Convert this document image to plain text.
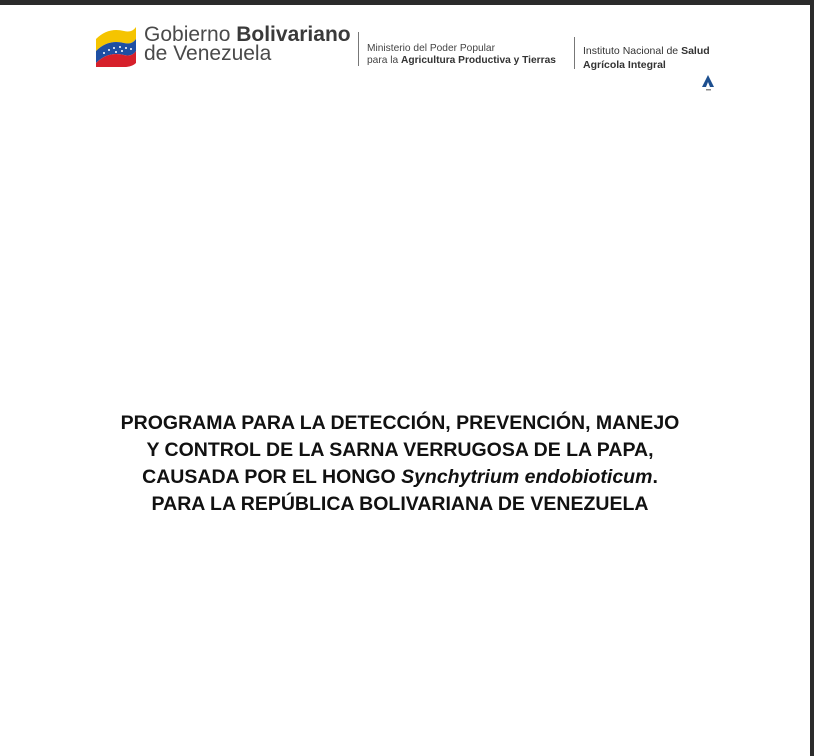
Gobierno Bolivariano
de Venezuela	Ministerio del Poder Popular
para la Agricultura Productiva y Tierras
Instituto Nacional de Salud
Agrícola Integral
PROGRAMA PARA LA DETECCIÓN, PREVENCIÓN, MANEJO
Y CONTROL DE LA SARNA VERRUGOSA DE LA PAPA,
CAUSADA POR EL HONGO Synchytrium endobioticum.
PARA LA REPÚBLICA BOLIVARIANA DE VENEZUELA
